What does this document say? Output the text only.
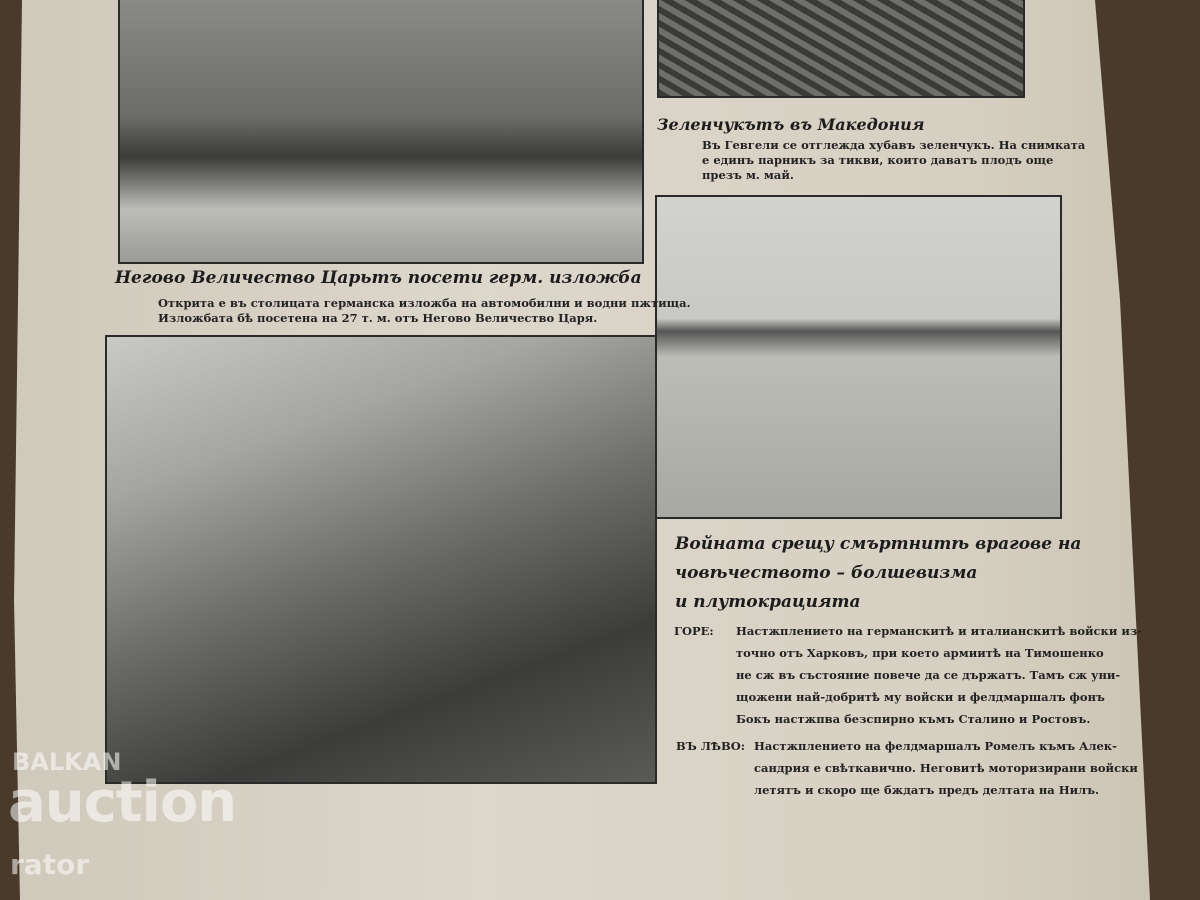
Негово Величество Царьтъ посети герм. изложба
Открита е въ столицата германска изложба на автомобилни и водни пжтища.
Изложбата бѣ посетена на 27 т. м. отъ Негово Величество Царя.
Зеленчукътъ въ Македония
Въ Гевгели се отглежда хубавъ зеленчукъ. На снимката
е единъ парникъ за тикви, които даватъ плодъ още
презъ м. май.
Войната срещу смъртнитѣ врагове на
човѣчеството – болшевизма
и плутокрацията
ГОРЕ: Настжплението на германскитѣ и италианскитѣ войски из-
точно отъ Харковъ, при което армиитѣ на Тимошенко
не сж въ състояние повече да се държатъ. Тамъ сж уни-
щожени най-добритѣ му войски и фелдмаршалъ фонъ
Бокъ настжпва безспирно къмъ Сталино и Ростовъ.
ВЪ ЛѢВО: Настжплението на фелдмаршалъ Ромелъ къмъ Алек-
сандрия е свѣткавично. Неговитѣ моторизирани войски
летятъ и скоро ще бждатъ предъ делтата на Нилъ.
BALKAN
auction
rator
